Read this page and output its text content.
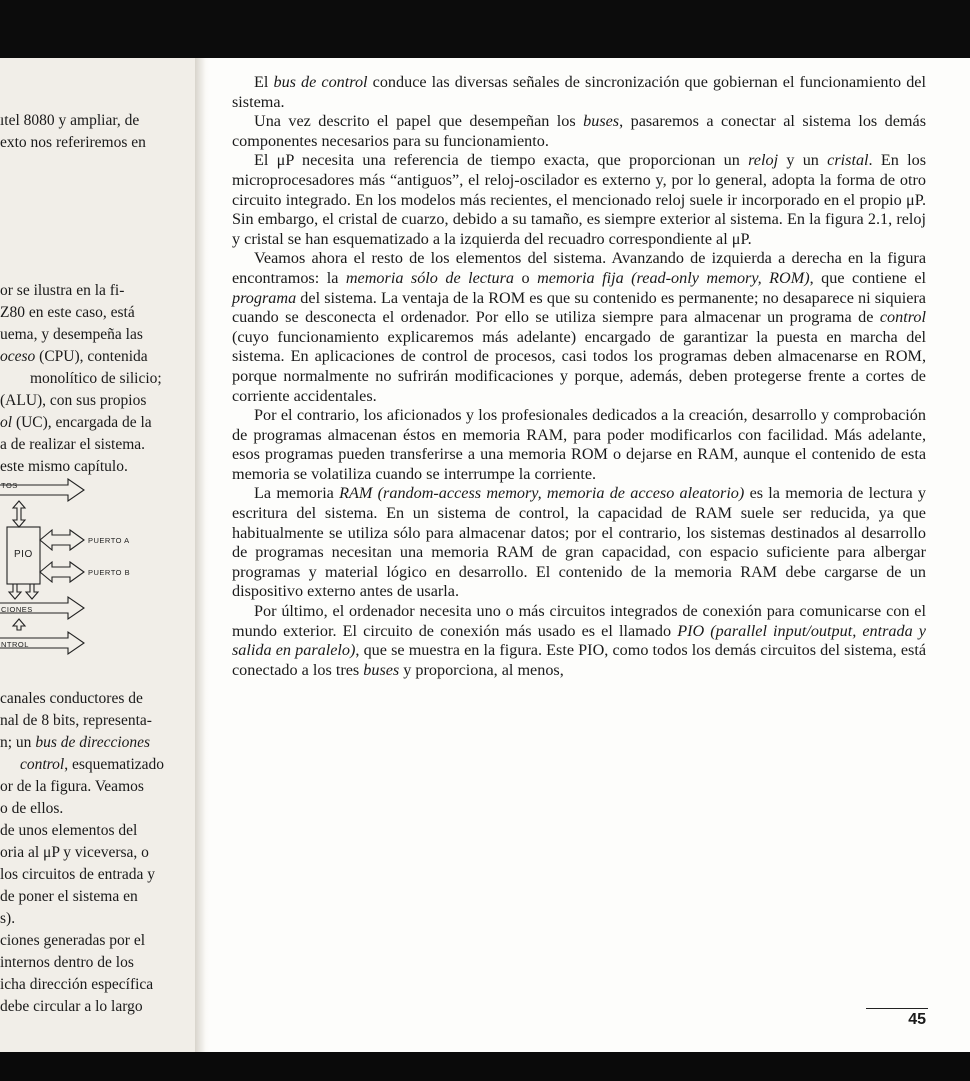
ıtel 8080 y ampliar, de
exto nos referiremos en
or se ilustra en la fi-
Z80 en este caso, está
uema, y desempeña las
oceso (CPU), contenida
monolítico de silicio;
(ALU), con sus propios
ol (UC), encargada de la
a de realizar el sistema.
este mismo capítulo.
TOS
PIO
PUERTO A
PUERTO B
CIONES
NTROL
canales conductores de
nal de 8 bits, representa-
n; un bus de direcciones
control, esquematizado
or de la figura. Veamos
o de ellos.
de unos elementos del
oria al μP y viceversa, o
los circuitos de entrada y
de poner el sistema en
s).
ciones generadas por el
internos dentro de los
icha dirección específica
debe circular a lo largo

El bus de control conduce las diversas señales de sincronización que gobiernan el funcionamiento del sistema.

Una vez descrito el papel que desempeñan los buses, pasaremos a conectar al sistema los demás componentes necesarios para su funcionamiento.

El μP necesita una referencia de tiempo exacta, que proporcionan un reloj y un cristal. En los microprocesadores más “antiguos”, el reloj-oscilador es externo y, por lo general, adopta la forma de otro circuito integrado. En los modelos más recientes, el mencionado reloj suele ir incorporado en el propio μP. Sin embargo, el cristal de cuarzo, debido a su tamaño, es siempre exterior al sistema. En la figura 2.1, reloj y cristal se han esquematizado a la izquierda del recuadro correspondiente al μP.

Veamos ahora el resto de los elementos del sistema. Avanzando de izquierda a derecha en la figura encontramos: la memoria sólo de lectura o memoria fija (read-only memory, ROM), que contiene el programa del sistema. La ventaja de la ROM es que su contenido es permanente; no desaparece ni siquiera cuando se desconecta el ordenador. Por ello se utiliza siempre para almacenar un programa de control (cuyo funcionamiento explicaremos más adelante) encargado de garantizar la puesta en marcha del sistema. En aplicaciones de control de procesos, casi todos los programas deben almacenarse en ROM, porque normalmente no sufrirán modificaciones y porque, además, deben protegerse frente a cortes de corriente accidentales.

Por el contrario, los aficionados y los profesionales dedicados a la creación, desarrollo y comprobación de programas almacenan éstos en memoria RAM, para poder modificarlos con facilidad. Más adelante, esos programas pueden transferirse a una memoria ROM o dejarse en RAM, aunque el contenido de esta memoria se volatiliza cuando se interrumpe la corriente.

La memoria RAM (random-access memory, memoria de acceso aleatorio) es la memoria de lectura y escritura del sistema. En un sistema de control, la capacidad de RAM suele ser reducida, ya que habitualmente se utiliza sólo para almacenar datos; por el contrario, los sistemas destinados al desarrollo de programas necesitan una memoria RAM de gran capacidad, con espacio suficiente para albergar programas y material lógico en desarrollo. El contenido de la memoria RAM debe cargarse de un dispositivo externo antes de usarla.

Por último, el ordenador necesita uno o más circuitos integrados de conexión para comunicarse con el mundo exterior. El circuito de conexión más usado es el llamado PIO (parallel input/output, entrada y salida en paralelo), que se muestra en la figura. Este PIO, como todos los demás circuitos del sistema, está conectado a los tres buses y proporciona, al menos,

45
